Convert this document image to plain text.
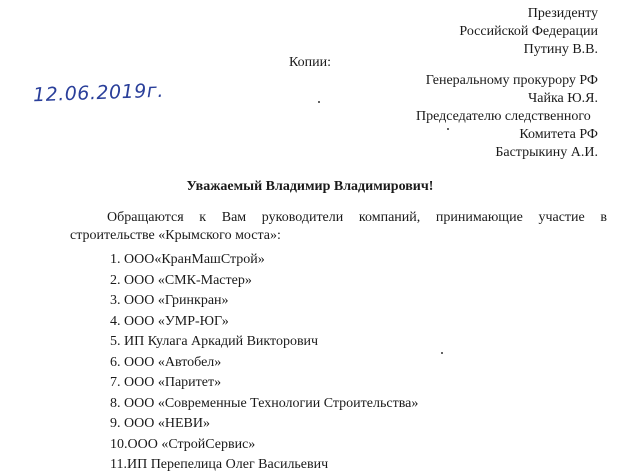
Президенту
Российской Федерации
Путину В.В.
Копии:
Генеральному прокурору РФ
Чайка Ю.Я.
Председателю следственного
Комитета РФ
Бастрыкину А.И.
12.06.2019г.
Уважаемый Владимир Владимирович!
Обращаются к Вам руководители компаний, принимающие участие в
строительстве «Крымского моста»:
1. ООО«КранМашСтрой»
2. ООО «СМК-Мастер»
3. ООО «Гринкран»
4. ООО «УМР-ЮГ»
5. ИП Кулага Аркадий Викторович
6. ООО «Автобел»
7. ООО «Паритет»
8. ООО «Современные Технологии Строительства»
9. ООО «НЕВИ»
10.ООО «СтройСервис»
11.ИП Перепелица Олег Васильевич
